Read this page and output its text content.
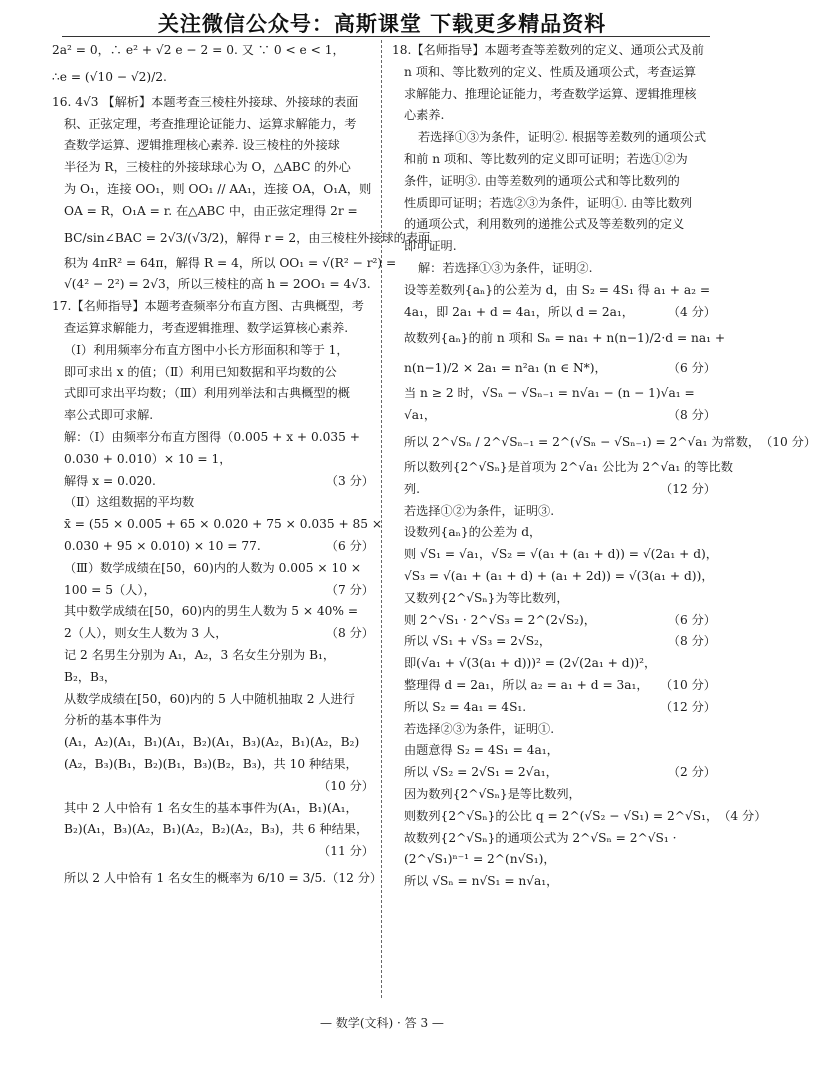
关注微信公众号：高斯课堂 下载更多精品资料
2a² = 0，∴ e² + √2 e − 2 = 0. 又 ∵ 0 < e < 1，
∴e = (√10 − √2)/2.
16. 4√3 【解析】本题考查三棱柱外接球、外接球的表面
积、正弦定理，考查推理论证能力、运算求解能力，考
查数学运算、逻辑推理核心素养. 设三棱柱的外接球
半径为 R，三棱柱的外接球球心为 O，△ABC 的外心
为 O₁，连接 OO₁，则 OO₁ // AA₁，连接 OA，O₁A，则
OA = R，O₁A = r. 在△ABC 中，由正弦定理得 2r =
BC/sin∠BAC = 2√3/(√3/2)，解得 r = 2，由三棱柱外接球的表面
积为 4πR² = 64π，解得 R = 4，所以 OO₁ = √(R² − r²) =
√(4² − 2²) = 2√3，所以三棱柱的高 h = 2OO₁ = 4√3.
17.【名师指导】本题考查频率分布直方图、古典概型，考
查运算求解能力，考查逻辑推理、数学运算核心素养.
（Ⅰ）利用频率分布直方图中小长方形面积和等于 1，
即可求出 x 的值；（Ⅱ）利用已知数据和平均数的公
式即可求出平均数；（Ⅲ）利用列举法和古典概型的概
率公式即可求解.
解：（Ⅰ）由频率分布直方图得（0.005 + x + 0.035 +
0.030 + 0.010）× 10 = 1，
解得 x = 0.020.	（3 分）
（Ⅱ）这组数据的平均数
x̄ = (55 × 0.005 + 65 × 0.020 + 75 × 0.035 + 85 ×
0.030 + 95 × 0.010) × 10 = 77.	（6 分）
（Ⅲ）数学成绩在[50，60)内的人数为 0.005 × 10 ×
100 = 5（人），	（7 分）
其中数学成绩在[50，60)内的男生人数为 5 × 40% =
2（人），则女生人数为 3 人，	（8 分）
记 2 名男生分别为 A₁，A₂，3 名女生分别为 B₁，
B₂，B₃，
从数学成绩在[50，60)内的 5 人中随机抽取 2 人进行
分析的基本事件为
(A₁，A₂)(A₁，B₁)(A₁，B₂)(A₁，B₃)(A₂，B₁)(A₂，B₂)
(A₂，B₃)(B₁，B₂)(B₁，B₃)(B₂，B₃)，共 10 种结果，
（10 分）
其中 2 人中恰有 1 名女生的基本事件为(A₁，B₁)(A₁，
B₂)(A₁，B₃)(A₂，B₁)(A₂，B₂)(A₂，B₃)，共 6 种结果，
（11 分）
所以 2 人中恰有 1 名女生的概率为 6/10 = 3/5. （12 分）
18.【名师指导】本题考查等差数列的定义、通项公式及前
n 项和、等比数列的定义、性质及通项公式，考查运算
求解能力、推理论证能力，考查数学运算、逻辑推理核
心素养.
若选择①③为条件，证明②. 根据等差数列的通项公式
和前 n 项和、等比数列的定义即可证明；若选①②为
条件，证明③. 由等差数列的通项公式和等比数列的
性质即可证明；若选②③为条件，证明①. 由等比数列
的通项公式，利用数列的递推公式及等差数列的定义
即可证明.
解：若选择①③为条件，证明②.
设等差数列{aₙ}的公差为 d，由 S₂ = 4S₁ 得 a₁ + a₂ =
4a₁，即 2a₁ + d = 4a₁，所以 d = 2a₁，	（4 分）
故数列{aₙ}的前 n 项和 Sₙ = na₁ + n(n−1)/2·d = na₁ +
n(n−1)/2 × 2a₁ = n²a₁ (n ∈ N*)，	（6 分）
当 n ≥ 2 时，√Sₙ − √Sₙ₋₁ = n√a₁ − (n − 1)√a₁ =
√a₁，	（8 分）
所以 2^√Sₙ / 2^√Sₙ₋₁ = 2^(√Sₙ − √Sₙ₋₁) = 2^√a₁ 为常数， （10 分）
所以数列{2^√Sₙ}是首项为 2^√a₁ 公比为 2^√a₁ 的等比数
列.	（12 分）
若选择①②为条件，证明③.
设数列{aₙ}的公差为 d，
则 √S₁ = √a₁，√S₂ = √(a₁ + (a₁ + d)) = √(2a₁ + d)，
√S₃ = √(a₁ + (a₁ + d) + (a₁ + 2d)) = √(3(a₁ + d))，
又数列{2^√Sₙ}为等比数列，
则 2^√S₁ · 2^√S₃ = 2^(2√S₂)，	（6 分）
所以 √S₁ + √S₃ = 2√S₂，	（8 分）
即(√a₁ + √(3(a₁ + d)))² = (2√(2a₁ + d))²，
整理得 d = 2a₁，所以 a₂ = a₁ + d = 3a₁， （10 分）
所以 S₂ = 4a₁ = 4S₁.	（12 分）
若选择②③为条件，证明①.
由题意得 S₂ = 4S₁ = 4a₁，
所以 √S₂ = 2√S₁ = 2√a₁，	（2 分）
因为数列{2^√Sₙ}是等比数列，
则数列{2^√Sₙ}的公比 q = 2^(√S₂ − √S₁) = 2^√S₁， （4 分）
故数列{2^√Sₙ}的通项公式为 2^√Sₙ = 2^√S₁ ·
(2^√S₁)ⁿ⁻¹ = 2^(n√S₁)，
所以 √Sₙ = n√S₁ = n√a₁，
— 数学(文科) · 答 3 —
